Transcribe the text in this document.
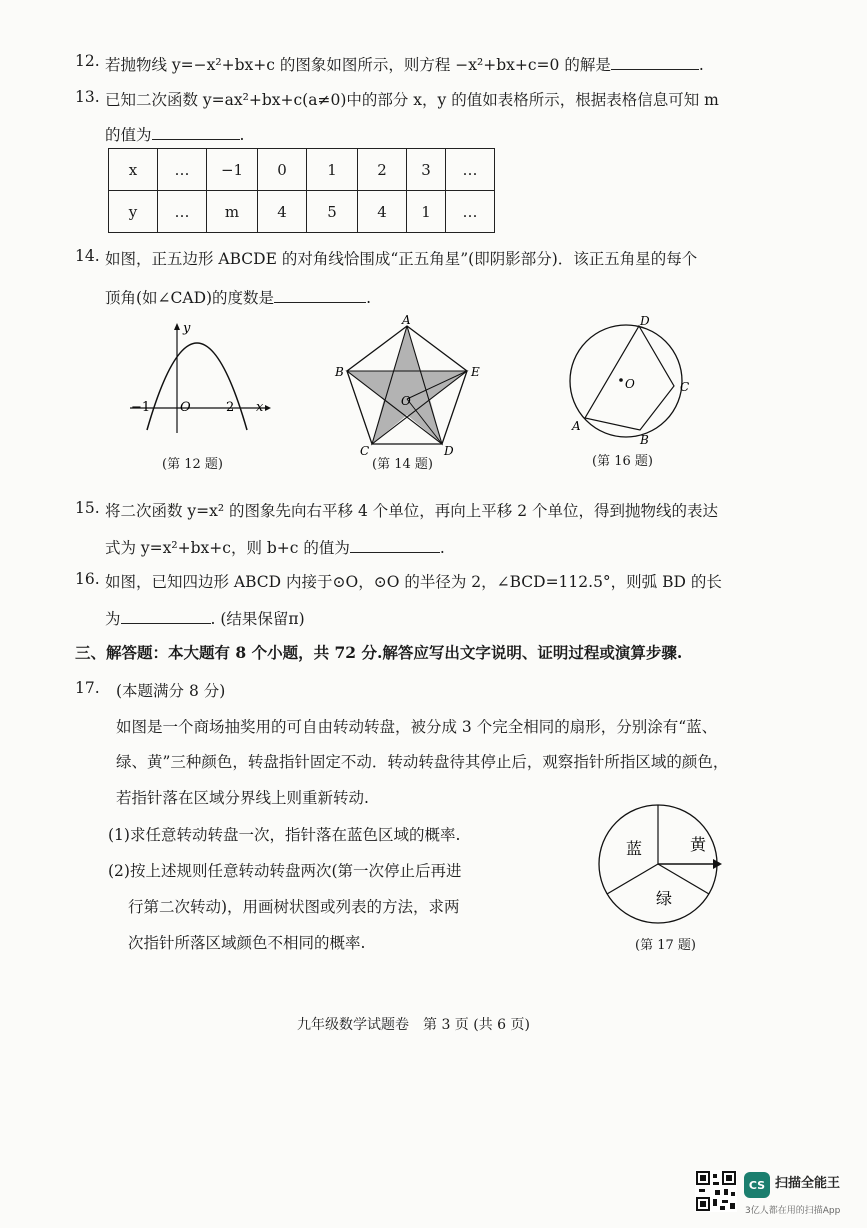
12. 若抛物线 y=−x²+bx+c 的图象如图所示，则方程 −x²+bx+c=0 的解是	.
13. 已知二次函数 y=ax²+bx+c(a≠0)中的部分 x，y 的值如表格所示，根据表格信息可知 m
的值为	.
x	…	−1	0	1	2	3	…
y	…	m	4	5	4	1	…
14. 如图，正五边形 ABCDE 的对角线恰围成“正五角星”(即阴影部分)．该正五角星的每个
顶角(如∠CAD)的度数是	.
y
x
O
−1	2
(第 12 题)
A
B
C	D
E
O
(第 14 题)
A
B
C
D
O
(第 16 题)
15. 将二次函数 y=x² 的图象先向右平移 4 个单位，再向上平移 2 个单位，得到抛物线的表达
式为 y=x²+bx+c，则 b+c 的值为	.
16. 如图，已知四边形 ABCD 内接于⊙O，⊙O 的半径为 2，∠BCD=112.5°，则弧 BD 的长
为	. (结果保留π)
三、解答题：本大题有 8 个小题，共 72 分.解答应写出文字说明、证明过程或演算步骤.
17. (本题满分 8 分)
如图是一个商场抽奖用的可自由转动转盘，被分成 3 个完全相同的扇形，分别涂有“蓝、
绿、黄”三种颜色，转盘指针固定不动．转动转盘待其停止后，观察指针所指区域的颜色，
若指针落在区域分界线上则重新转动.
(1)求任意转动转盘一次，指针落在蓝色区域的概率.
(2)按上述规则任意转动转盘两次(第一次停止后再进
行第二次转动)，用画树状图或列表的方法，求两
次指针所落区域颜色不相同的概率.
蓝	黄
绿
(第 17 题)
九年级数学试题卷　第 3 页 (共 6 页)
CS 扫描全能王
3亿人都在用的扫描App
